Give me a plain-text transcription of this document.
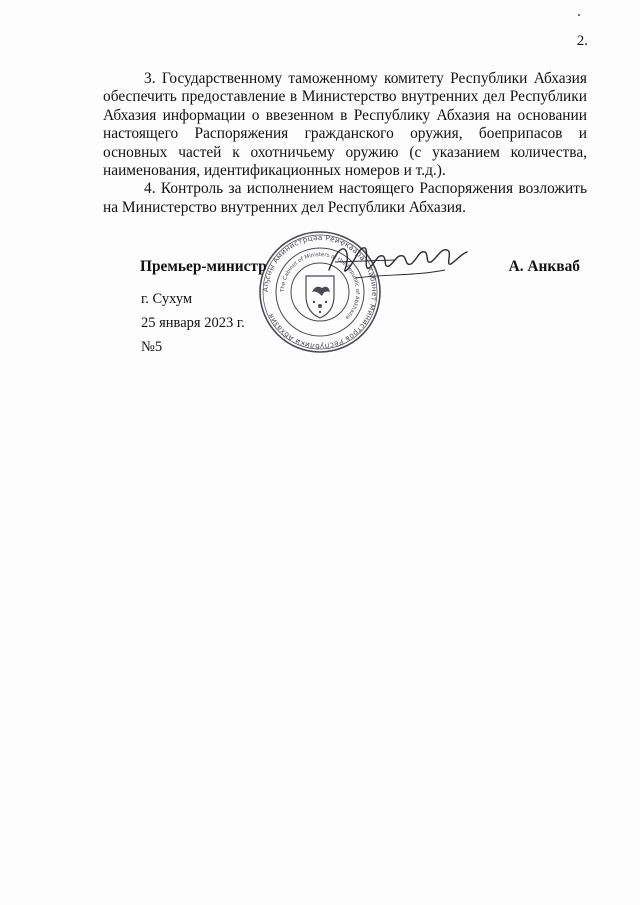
2.

3. Государственному таможенному комитету Республики Абхазия обеспечить предоставление в Министерство внутренних дел Республики Абхазия информации о ввезенном в Республику Абхазия на основании настоящего Распоряжения гражданского оружия, боеприпасов и основных частей к охотничьему оружию (с указанием количества, наименования, идентификационных номеров и т.д.).

4. Контроль за исполнением настоящего Распоряжения возложить на Министерство внутренних дел Республики Абхазия.

Аҧсны Аминистрцәа Реиҿкаара · Кабинет Министров Республики Абхазия
The Cabinet of Ministers of the Republic of Abkhazia
Премьер-министр	А. Анкваб
г. Сухум
25 января 2023 г.
№5
